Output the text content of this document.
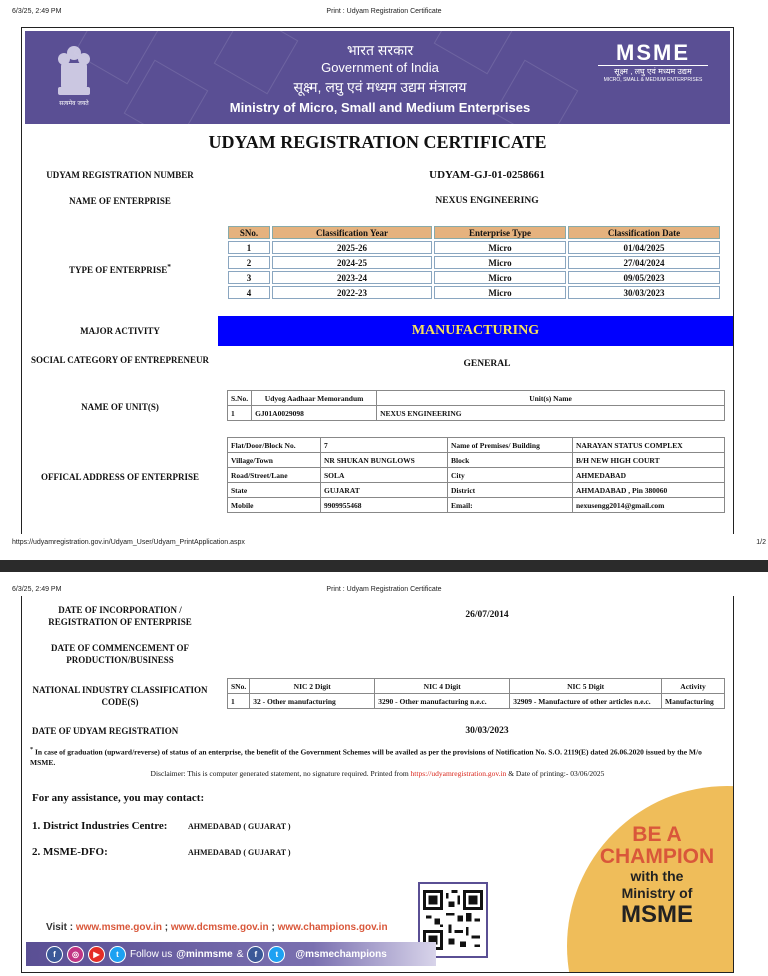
6/3/25, 2:49 PM	Print : Udyam Registration Certificate
सत्यमेव जयते
भारत सरकार
Government of India
सूक्ष्म, लघु एवं मध्यम उद्यम मंत्रालय
Ministry of Micro, Small and Medium Enterprises
MSME
सूक्ष्म , लघु एवं मध्यम उद्यम
MICRO, SMALL & MEDIUM ENTERPRISES
UDYAM REGISTRATION CERTIFICATE
UDYAM REGISTRATION NUMBER	UDYAM-GJ-01-0258661
NAME OF ENTERPRISE	NEXUS ENGINEERING
TYPE OF ENTERPRISE*
SNo.	Classification Year	Enterprise Type	Classification Date
1	2025-26	Micro	01/04/2025
2	2024-25	Micro	27/04/2024
3	2023-24	Micro	09/05/2023
4	2022-23	Micro	30/03/2023
MAJOR ACTIVITY	MANUFACTURING
SOCIAL CATEGORY OF ENTREPRENEUR	GENERAL
NAME OF UNIT(S)
S.No.	Udyog Aadhaar Memorandum	Unit(s) Name
1	GJ01A0029098	NEXUS ENGINEERING
OFFICAL ADDRESS OF ENTERPRISE
Flat/Door/Block No.	7	Name of Premises/ Building	NARAYAN STATUS COMPLEX
Village/Town	NR SHUKAN BUNGLOWS	Block	B/H NEW HIGH COURT
Road/Street/Lane	SOLA	City	AHMEDABAD
State	GUJARAT	District	AHMADABAD , Pin 380060
Mobile	9909955468	Email:	nexusengg2014@gmail.com
https://udyamregistration.gov.in/Udyam_User/Udyam_PrintApplication.aspx	1/2
6/3/25, 2:49 PM	Print : Udyam Registration Certificate
DATE OF INCORPORATION / REGISTRATION OF ENTERPRISE
26/07/2014
DATE OF COMMENCEMENT OF PRODUCTION/BUSINESS
NATIONAL INDUSTRY CLASSIFICATION CODE(S)
SNo.	NIC 2 Digit	NIC 4 Digit	NIC 5 Digit	Activity
1	32 - Other manufacturing	3290 - Other manufacturing n.e.c.	32909 - Manufacture of other articles n.e.c.	Manufacturing
DATE OF UDYAM REGISTRATION	30/03/2023
* In case of graduation (upward/reverse) of status of an enterprise, the benefit of the Government Schemes will be availed as per the provisions of Notification No. S.O. 2119(E) dated 26.06.2020 issued by the M/o MSME.
Disclaimer: This is computer generated statement, no signature required. Printed from https://udyamregistration.gov.in & Date of printing:- 03/06/2025
BE A
CHAMPION
with the
Ministry of
MSME
Visit : www.msme.gov.in ; www.dcmsme.gov.in ; www.champions.gov.in
f	◎	▶	t	Follow us @minmsme &	f	t	@msmechampions
For any assistance, you may contact:
1. District Industries Centre:	AHMEDABAD ( GUJARAT )
2. MSME-DFO:	AHMEDABAD ( GUJARAT )
